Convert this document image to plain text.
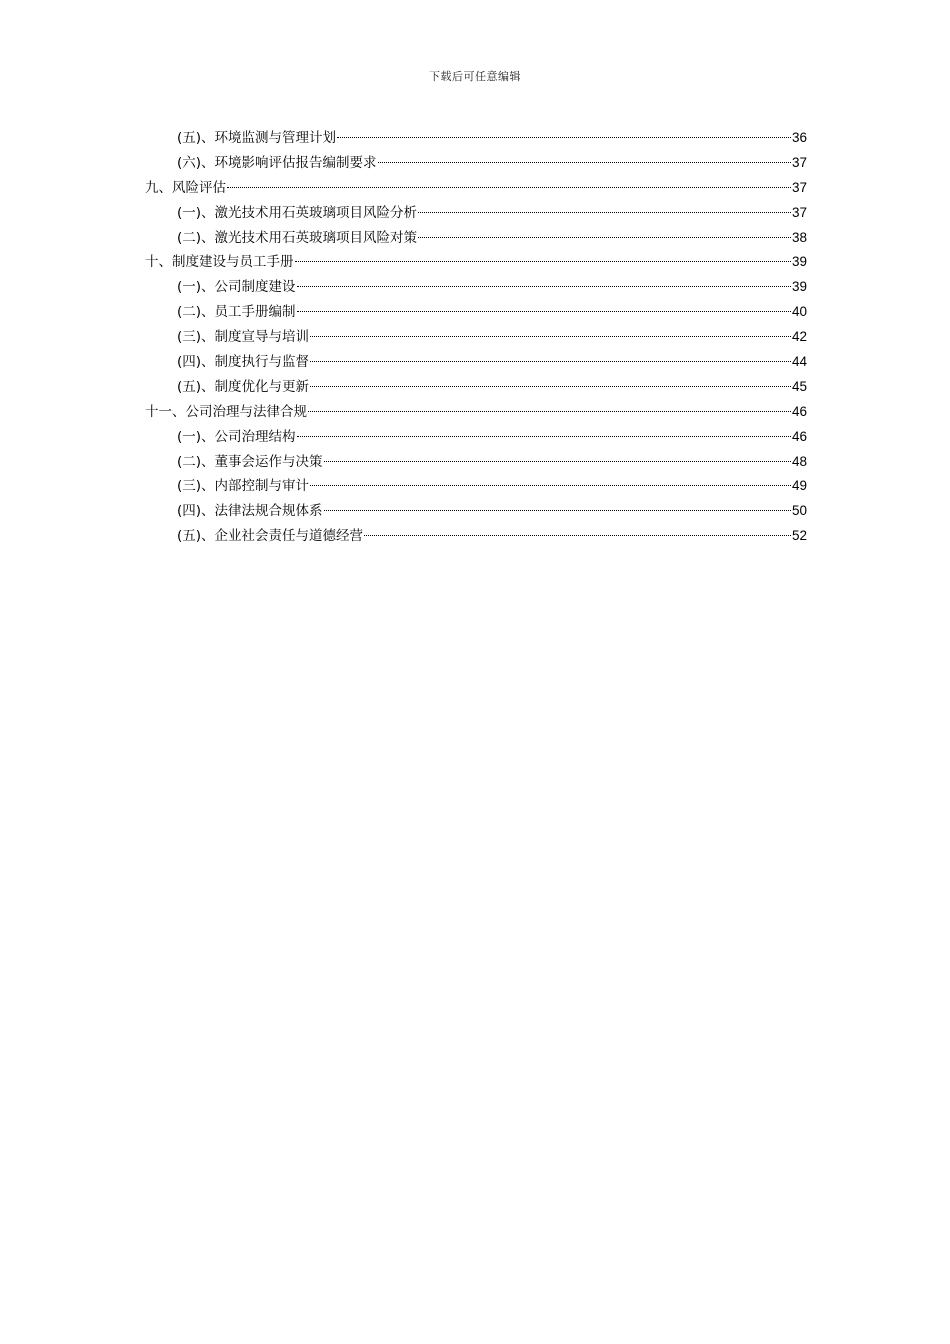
下载后可任意编辑
(五)、环境监测与管理计划	36
(六)、环境影响评估报告编制要求	37
九、风险评估	37
(一)、激光技术用石英玻璃项目风险分析	37
(二)、激光技术用石英玻璃项目风险对策	38
十、制度建设与员工手册	39
(一)、公司制度建设	39
(二)、员工手册编制	40
(三)、制度宣导与培训	42
(四)、制度执行与监督	44
(五)、制度优化与更新	45
十一、公司治理与法律合规	46
(一)、公司治理结构	46
(二)、董事会运作与决策	48
(三)、内部控制与审计	49
(四)、法律法规合规体系	50
(五)、企业社会责任与道德经营	52
